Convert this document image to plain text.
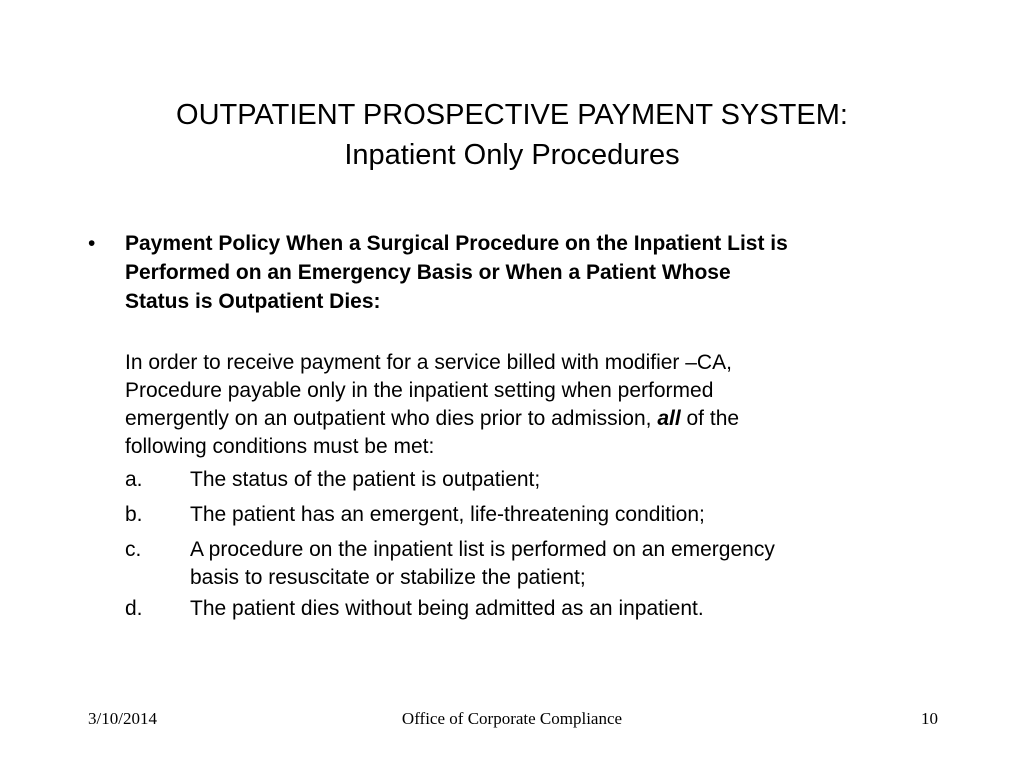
OUTPATIENT PROSPECTIVE PAYMENT SYSTEM:
Inpatient Only Procedures
• Payment Policy When a Surgical Procedure on the Inpatient List is
Performed on an Emergency Basis or When a Patient Whose
Status is Outpatient Dies:
In order to receive payment for a service billed with modifier –CA,
Procedure payable only in the inpatient setting when performed
emergently on an outpatient who dies prior to admission, all of the
following conditions must be met:
a. The status of the patient is outpatient;
b. The patient has an emergent, life-threatening condition;
c. A procedure on the inpatient list is performed on an emergency
basis to resuscitate or stabilize the patient;
d. The patient dies without being admitted as an inpatient.
3/10/2014	Office of Corporate Compliance	10
